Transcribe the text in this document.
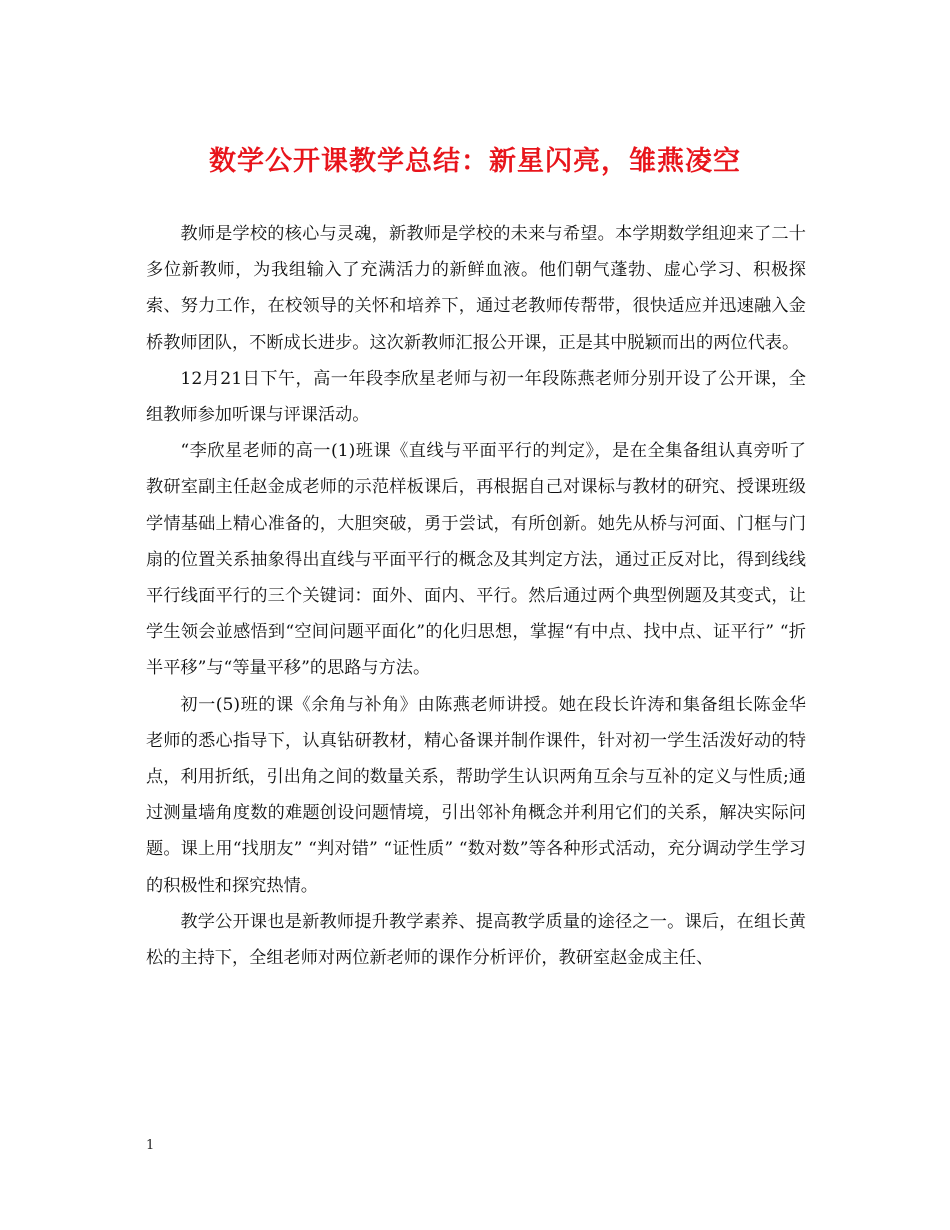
数学公开课教学总结：新星闪亮，雏燕凌空

教师是学校的核心与灵魂，新教师是学校的未来与希望。本学期数学组迎来了二十多位新教师，为我组输入了充满活力的新鲜血液。他们朝气蓬勃、虚心学习、积极探索、努力工作，在校领导的关怀和培养下，通过老教师传帮带，很快适应并迅速融入金桥教师团队，不断成长进步。这次新教师汇报公开课，正是其中脱颖而出的两位代表。

12月21日下午，高一年段李欣星老师与初一年段陈燕老师分别开设了公开课，全组教师参加听课与评课活动。

“李欣星老师的高一(1)班课《直线与平面平行的判定》，是在全集备组认真旁听了教研室副主任赵金成老师的示范样板课后，再根据自己对课标与教材的研究、授课班级学情基础上精心准备的，大胆突破，勇于尝试，有所创新。她先从桥与河面、门框与门扇的位置关系抽象得出直线与平面平行的概念及其判定方法，通过正反对比，得到线线平行线面平行的三个关键词：面外、面内、平行。然后通过两个典型例题及其变式，让学生领会並感悟到“空间问题平面化”的化归思想，掌握“有中点、找中点、证平行” “折半平移”与“等量平移”的思路与方法。

初一(5)班的课《余角与补角》由陈燕老师讲授。她在段长许涛和集备组长陈金华老师的悉心指导下，认真钻研教材，精心备课并制作课件，针对初一学生活泼好动的特点，利用折纸，引出角之间的数量关系，帮助学生认识两角互余与互补的定义与性质;通过测量墙角度数的难题创设问题情境，引出邻补角概念并利用它们的关系，解决实际问题。课上用“找朋友” “判对错” “证性质” “数对数”等各种形式活动，充分调动学生学习的积极性和探究热情。

教学公开课也是新教师提升教学素养、提高教学质量的途径之一。课后，在组长黄松的主持下，全组老师对两位新老师的课作分析评价，教研室赵金成主任、

1
